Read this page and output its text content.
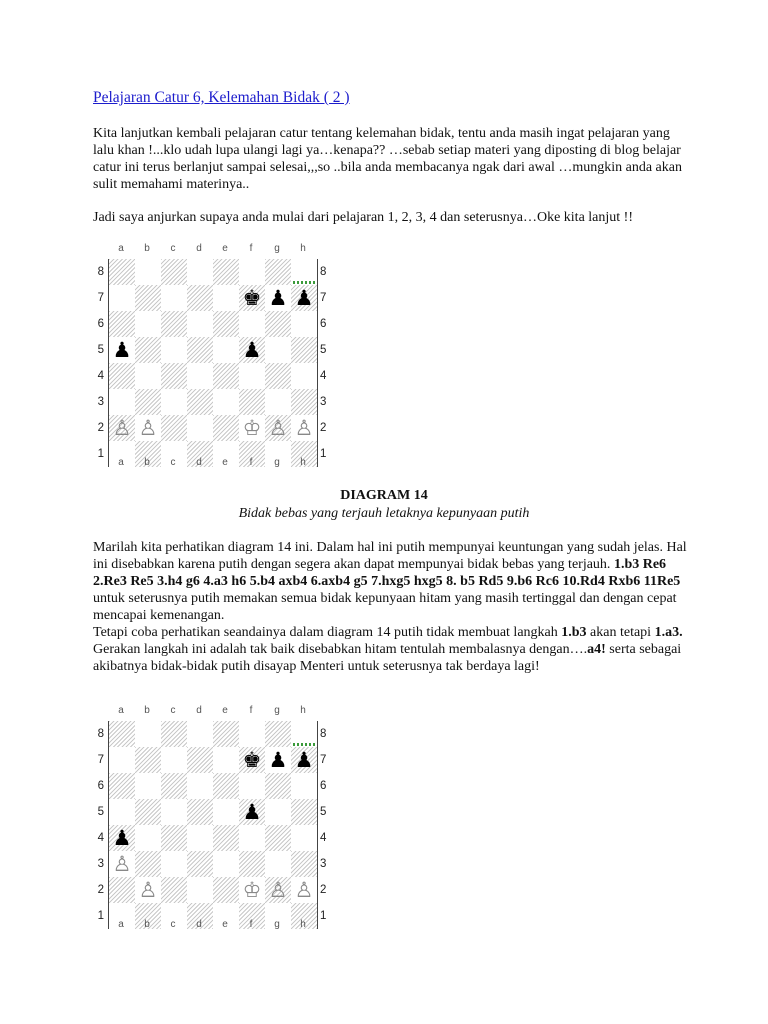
Pelajaran Catur 6, Kelemahan Bidak ( 2 )

Kita lanjutkan kembali pelajaran catur tentang kelemahan bidak, tentu anda masih ingat pelajaran yang lalu khan !...klo udah lupa ulangi lagi ya…kenapa?? …sebab setiap materi yang diposting di blog belajar catur ini terus berlanjut sampai selesai,,,so ..bila anda membacanya ngak dari awal …mungkin anda akan sulit memahami materinya..

Jadi saya anjurkan supaya anda mulai dari pelajaran 1, 2, 3, 4 dan seterusnya…Oke kita lanjut !!

a	b	c	d	e	f	g	h
8
7
6
5
4
3
2
1
♚ ♟ ♟
♟	♟
♙ ♙	♔ ♙ ♙
8
7
6
5
4
3
2
1
a	b	c	d	e	f	g	h

DIAGRAM 14

Bidak bebas yang terjauh letaknya kepunyaan putih

Marilah kita perhatikan diagram 14 ini. Dalam hal ini putih mempunyai keuntungan yang sudah jelas. Hal ini disebabkan karena putih dengan segera akan dapat mempunyai bidak bebas yang terjauh. 1.b3 Re6 2.Re3 Re5 3.h4 g6 4.a3 h6 5.b4 axb4 6.axb4 g5 7.hxg5 hxg5 8. b5 Rd5 9.b6 Rc6 10.Rd4 Rxb6 11Re5 untuk seterusnya putih memakan semua bidak kepunyaan hitam yang masih tertinggal dan dengan cepat mencapai kemenangan.

Tetapi coba perhatikan seandainya dalam diagram 14 putih tidak membuat langkah 1.b3 akan tetapi 1.a3. Gerakan langkah ini adalah tak baik disebabkan hitam tentulah membalasnya dengan….a4! serta sebagai akibatnya bidak-bidak putih disayap Menteri untuk seterusnya tak berdaya lagi!

a	b	c	d	e	f	g	h
8
7
6
5
4
3
2
1
♚ ♟ ♟
♟
♟
♙
♙	♔ ♙ ♙
8
7
6
5
4
3
2
1
a	b	c	d	e	f	g	h
